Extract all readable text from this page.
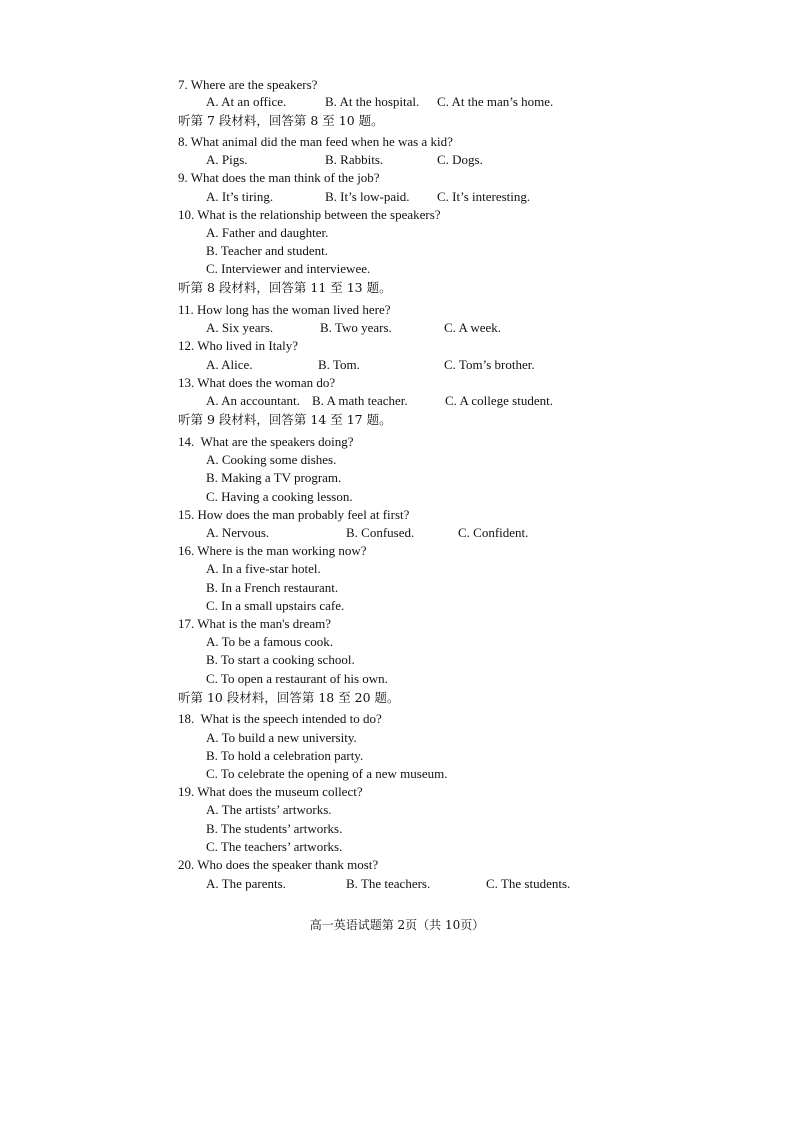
7. Where are the speakers?
A. At an office.	B. At the hospital. C. At the man’s home.
听第 7 段材料，回答第 8 至 10 题。
8. What animal did the man feed when he was a kid?
A. Pigs.	B. Rabbits.	C. Dogs.
9. What does the man think of the job?
A. It’s tiring.	B. It’s low-paid. C. It’s interesting.
10. What is the relationship between the speakers?
A. Father and daughter.
B. Teacher and student.
C. Interviewer and interviewee.
听第 8 段材料，回答第 11 至 13 题。
11. How long has the woman lived here?
A. Six years.	B. Two years.	C. A week.
12. Who lived in Italy?
A. Alice.	B. Tom.	C. Tom’s brother.
13. What does the woman do?
A. An accountant. B. A math teacher.	C. A college student.
听第 9 段材料，回答第 14 至 17 题。
14.  What are the speakers doing?
A. Cooking some dishes.
B. Making a TV program.
C. Having a cooking lesson.
15. How does the man probably feel at first?
A. Nervous.	B. Confused.	C. Confident.
16. Where is the man working now?
A. In a five-star hotel.
B. In a French restaurant.
C. In a small upstairs cafe.
17. What is the man's dream?
A. To be a famous cook.
B. To start a cooking school.
C. To open a restaurant of his own.
听第 10 段材料，回答第 18 至 20 题。
18.  What is the speech intended to do?
A. To build a new university.
B. To hold a celebration party.
C. To celebrate the opening of a new museum.
19. What does the museum collect?
A. The artists’ artworks.
B. The students’ artworks.
C. The teachers’ artworks.
20. Who does the speaker thank most?
A. The parents.	B. The teachers.	C. The students.
高一英语试题第 2页（共 10页）
